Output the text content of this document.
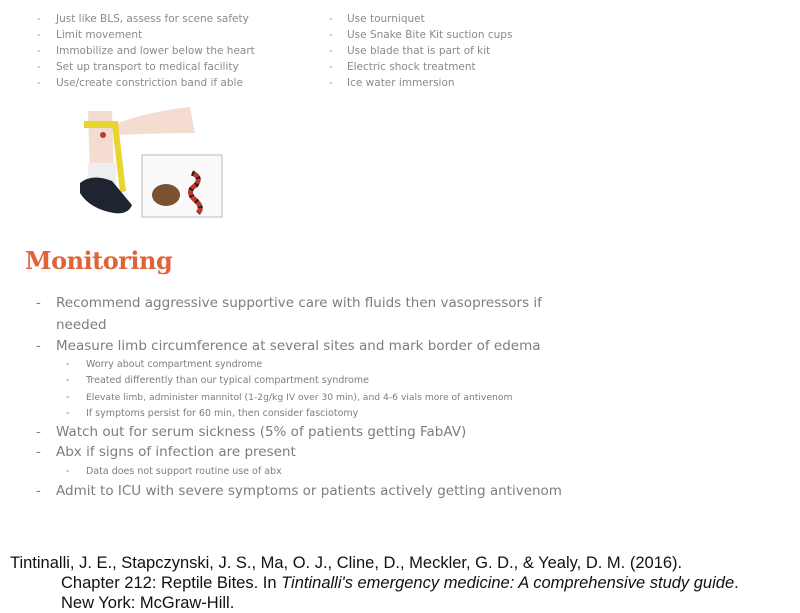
- Just like BLS, assess for scene safety
- Limit movement
- Immobilize and lower below the heart
- Set up transport to medical facility
- Use/create constriction band if able
- Use tourniquet
- Use Snake Bite Kit suction cups
- Use blade that is part of kit
- Electric shock treatment
- Ice water immersion
Monitoring
- Recommend aggressive supportive care with fluids then vasopressors if
needed
- Measure limb circumference at several sites and mark border of edema
- Worry about compartment syndrome
- Treated differently than our typical compartment syndrome
- Elevate limb, administer mannitol (1-2g/kg IV over 30 min), and 4-6 vials more of antivenom
- If symptoms persist for 60 min, then consider fasciotomy
- Watch out for serum sickness (5% of patients getting FabAV)
- Abx if signs of infection are present
- Data does not support routine use of abx
- Admit to ICU with severe symptoms or patients actively getting antivenom
Tintinalli, J. E., Stapczynski, J. S., Ma, O. J., Cline, D., Meckler, G. D., & Yealy, D. M. (2016).
Chapter 212: Reptile Bites. In Tintinalli's emergency medicine: A comprehensive study guide.
New York: McGraw-Hill.
